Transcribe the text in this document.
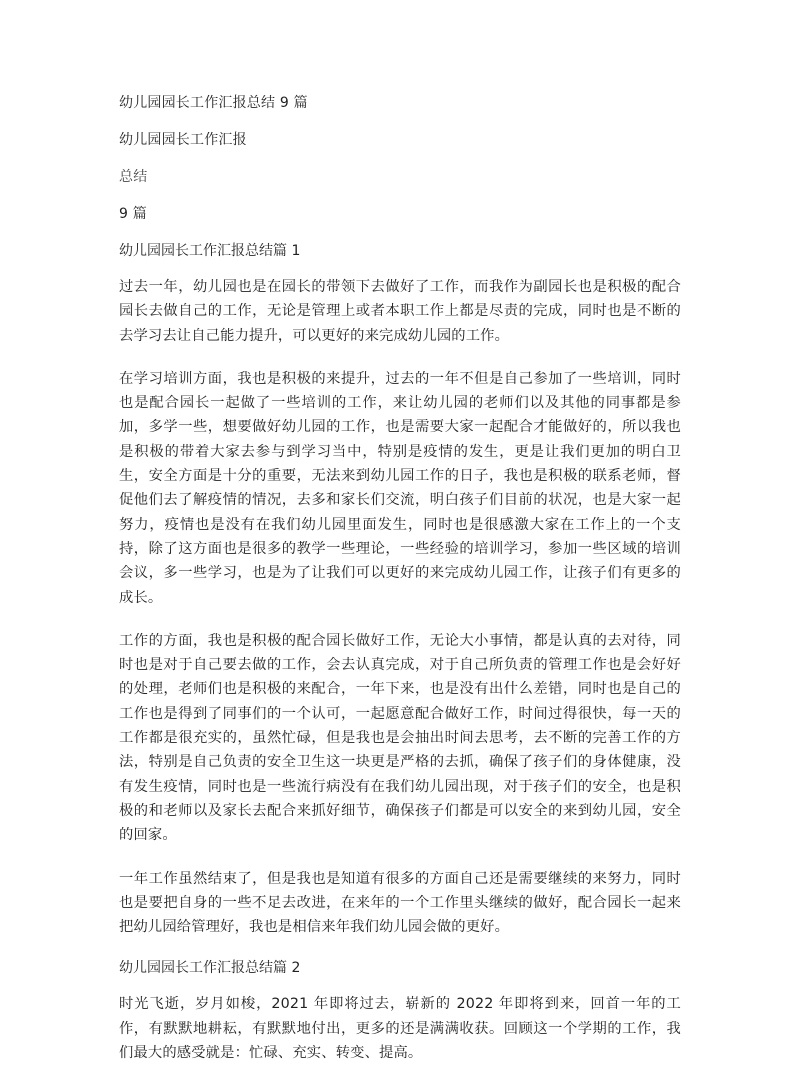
幼儿园园长工作汇报总结 9 篇
幼儿园园长工作汇报
总结
9 篇
幼儿园园长工作汇报总结篇 1

过去一年，幼儿园也是在园长的带领下去做好了工作，而我作为副园长也是积极的配合园长去做自己的工作，无论是管理上或者本职工作上都是尽责的完成，同时也是不断的去学习去让自己能力提升，可以更好的来完成幼儿园的工作。

在学习培训方面，我也是积极的来提升，过去的一年不但是自己参加了一些培训，同时也是配合园长一起做了一些培训的工作，来让幼儿园的老师们以及其他的同事都是参加，多学一些，想要做好幼儿园的工作，也是需要大家一起配合才能做好的，所以我也是积极的带着大家去参与到学习当中，特别是疫情的发生，更是让我们更加的明白卫生，安全方面是十分的重要，无法来到幼儿园工作的日子，我也是积极的联系老师，督促他们去了解疫情的情况，去多和家长们交流，明白孩子们目前的状况，也是大家一起努力，疫情也是没有在我们幼儿园里面发生，同时也是很感激大家在工作上的一个支持，除了这方面也是很多的教学一些理论，一些经验的培训学习，参加一些区域的培训会议，多一些学习，也是为了让我们可以更好的来完成幼儿园工作，让孩子们有更多的成长。

工作的方面，我也是积极的配合园长做好工作，无论大小事情，都是认真的去对待，同时也是对于自己要去做的工作，会去认真完成，对于自己所负责的管理工作也是会好好的处理，老师们也是积极的来配合，一年下来，也是没有出什么差错，同时也是自己的工作也是得到了同事们的一个认可，一起愿意配合做好工作，时间过得很快，每一天的工作都是很充实的，虽然忙碌，但是我也是会抽出时间去思考，去不断的完善工作的方法，特别是自己负责的安全卫生这一块更是严格的去抓，确保了孩子们的身体健康，没有发生疫情，同时也是一些流行病没有在我们幼儿园出现，对于孩子们的安全，也是积极的和老师以及家长去配合来抓好细节，确保孩子们都是可以安全的来到幼儿园，安全的回家。

一年工作虽然结束了，但是我也是知道有很多的方面自己还是需要继续的来努力，同时也是要把自身的一些不足去改进，在来年的一个工作里头继续的做好，配合园长一起来把幼儿园给管理好，我也是相信来年我们幼儿园会做的更好。

幼儿园园长工作汇报总结篇 2

时光飞逝，岁月如梭，2021 年即将过去，崭新的 2022 年即将到来，回首一年的工作，有默默地耕耘，有默默地付出，更多的还是满满收获。回顾这一个学期的工作，我们最大的感受就是：忙碌、充实、转变、提高。
